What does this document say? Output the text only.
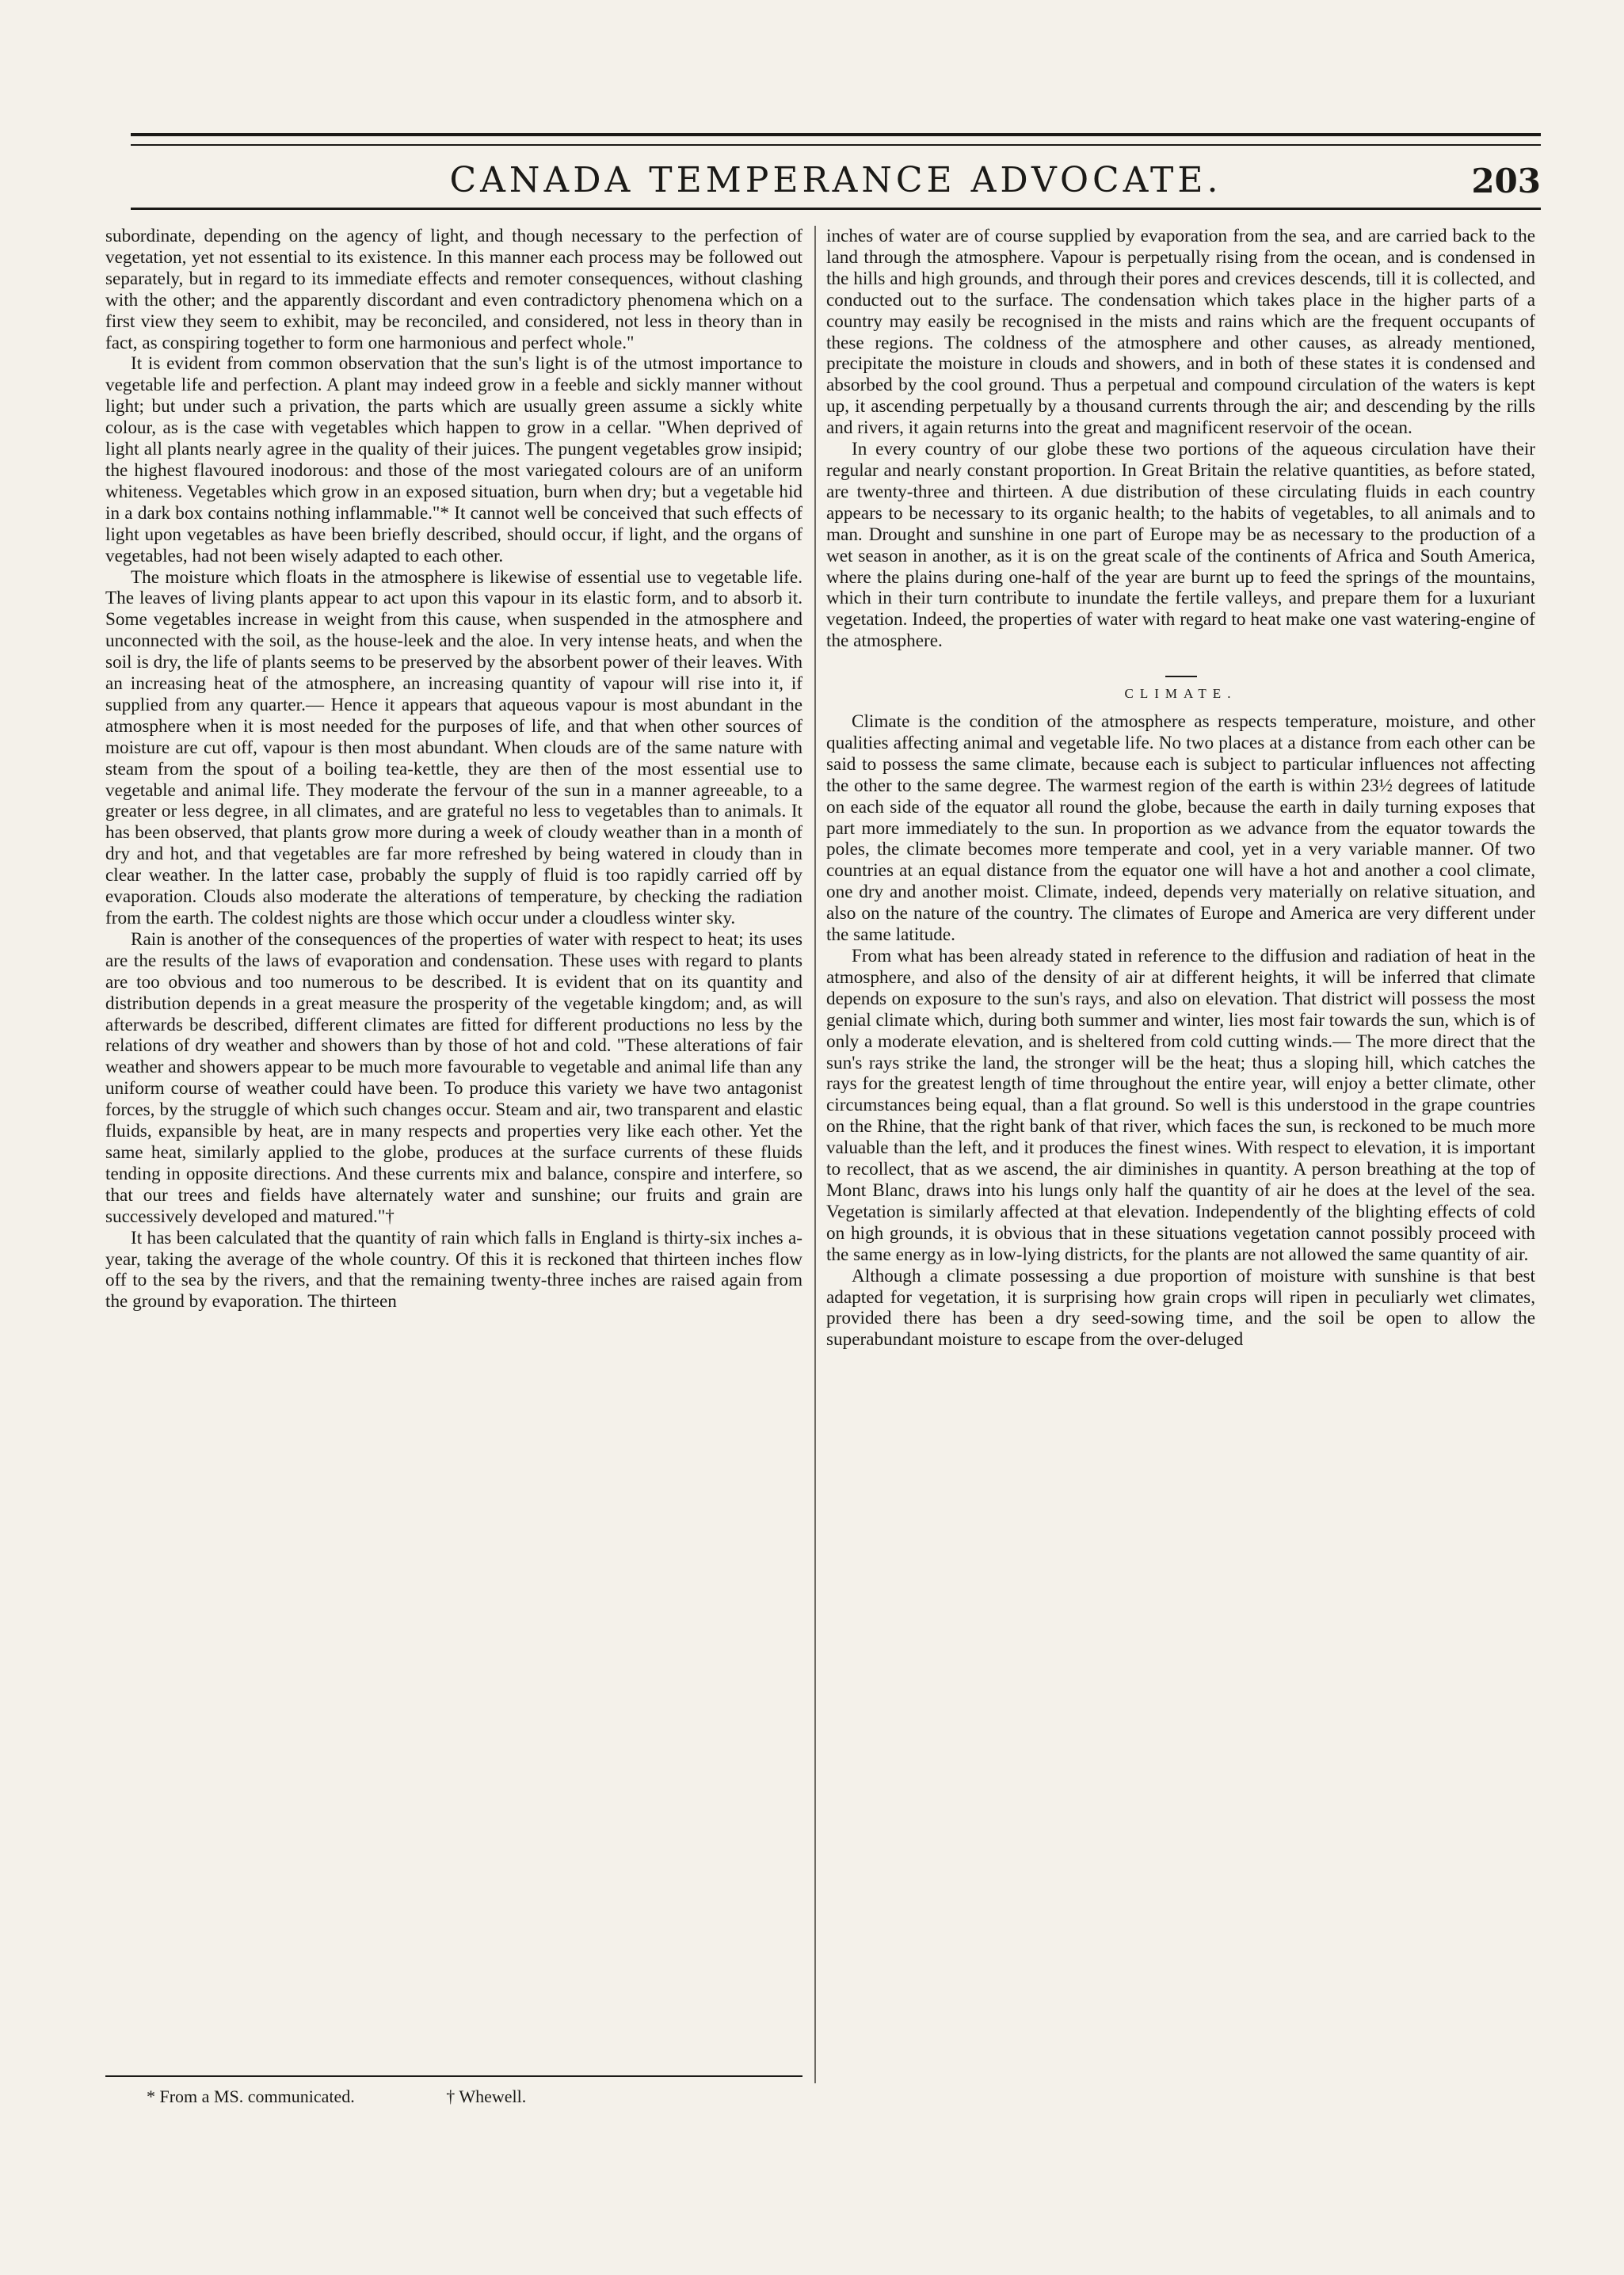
CANADA TEMPERANCE ADVOCATE.	203

subordinate, depending on the agency of light, and though necessary to the perfection of vegetation, yet not essential to its existence. In this manner each process may be followed out separately, but in regard to its immediate effects and remoter consequences, without clashing with the other; and the apparently discordant and even contradictory phenomena which on a first view they seem to exhibit, may be reconciled, and considered, not less in theory than in fact, as conspiring together to form one harmonious and perfect whole."

It is evident from common observation that the sun's light is of the utmost importance to vegetable life and perfection. A plant may indeed grow in a feeble and sickly manner without light; but under such a privation, the parts which are usually green assume a sickly white colour, as is the case with vegetables which happen to grow in a cellar. "When deprived of light all plants nearly agree in the quality of their juices. The pungent vegetables grow insipid; the highest flavoured inodorous: and those of the most variegated colours are of an uniform whiteness. Vegetables which grow in an exposed situation, burn when dry; but a vegetable hid in a dark box contains nothing inflammable."* It cannot well be conceived that such effects of light upon vegetables as have been briefly described, should occur, if light, and the organs of vegetables, had not been wisely adapted to each other.

The moisture which floats in the atmosphere is likewise of essential use to vegetable life. The leaves of living plants appear to act upon this vapour in its elastic form, and to absorb it. Some vegetables increase in weight from this cause, when suspended in the atmosphere and unconnected with the soil, as the house-leek and the aloe. In very intense heats, and when the soil is dry, the life of plants seems to be preserved by the absorbent power of their leaves. With an increasing heat of the atmosphere, an increasing quantity of vapour will rise into it, if supplied from any quarter.— Hence it appears that aqueous vapour is most abundant in the atmosphere when it is most needed for the purposes of life, and that when other sources of moisture are cut off, vapour is then most abundant. When clouds are of the same nature with steam from the spout of a boiling tea-kettle, they are then of the most essential use to vegetable and animal life. They moderate the fervour of the sun in a manner agreeable, to a greater or less degree, in all climates, and are grateful no less to vegetables than to animals. It has been observed, that plants grow more during a week of cloudy weather than in a month of dry and hot, and that vegetables are far more refreshed by being watered in cloudy than in clear weather. In the latter case, probably the supply of fluid is too rapidly carried off by evaporation. Clouds also moderate the alterations of temperature, by checking the radiation from the earth. The coldest nights are those which occur under a cloudless winter sky.

Rain is another of the consequences of the properties of water with respect to heat; its uses are the results of the laws of evaporation and condensation. These uses with regard to plants are too obvious and too numerous to be described. It is evident that on its quantity and distribution depends in a great measure the prosperity of the vegetable kingdom; and, as will afterwards be described, different climates are fitted for different productions no less by the relations of dry weather and showers than by those of hot and cold. "These alterations of fair weather and showers appear to be much more favourable to vegetable and animal life than any uniform course of weather could have been. To produce this variety we have two antagonist forces, by the struggle of which such changes occur. Steam and air, two transparent and elastic fluids, expansible by heat, are in many respects and properties very like each other. Yet the same heat, similarly applied to the globe, produces at the surface currents of these fluids tending in opposite directions. And these currents mix and balance, conspire and interfere, so that our trees and fields have alternately water and sunshine; our fruits and grain are successively developed and matured."†

It has been calculated that the quantity of rain which falls in England is thirty-six inches a-year, taking the average of the whole country. Of this it is reckoned that thirteen inches flow off to the sea by the rivers, and that the remaining twenty-three inches are raised again from the ground by evaporation. The thirteen

inches of water are of course supplied by evaporation from the sea, and are carried back to the land through the atmosphere. Vapour is perpetually rising from the ocean, and is condensed in the hills and high grounds, and through their pores and crevices descends, till it is collected, and conducted out to the surface. The condensation which takes place in the higher parts of a country may easily be recognised in the mists and rains which are the frequent occupants of these regions. The coldness of the atmosphere and other causes, as already mentioned, precipitate the moisture in clouds and showers, and in both of these states it is condensed and absorbed by the cool ground. Thus a perpetual and compound circulation of the waters is kept up, it ascending perpetually by a thousand currents through the air; and descending by the rills and rivers, it again returns into the great and magnificent reservoir of the ocean.

In every country of our globe these two portions of the aqueous circulation have their regular and nearly constant proportion. In Great Britain the relative quantities, as before stated, are twenty-three and thirteen. A due distribution of these circulating fluids in each country appears to be necessary to its organic health; to the habits of vegetables, to all animals and to man. Drought and sunshine in one part of Europe may be as necessary to the production of a wet season in another, as it is on the great scale of the continents of Africa and South America, where the plains during one-half of the year are burnt up to feed the springs of the mountains, which in their turn contribute to inundate the fertile valleys, and prepare them for a luxuriant vegetation. Indeed, the properties of water with regard to heat make one vast watering-engine of the atmosphere.

CLIMATE.

Climate is the condition of the atmosphere as respects temperature, moisture, and other qualities affecting animal and vegetable life. No two places at a distance from each other can be said to possess the same climate, because each is subject to particular influences not affecting the other to the same degree. The warmest region of the earth is within 23½ degrees of latitude on each side of the equator all round the globe, because the earth in daily turning exposes that part more immediately to the sun. In proportion as we advance from the equator towards the poles, the climate becomes more temperate and cool, yet in a very variable manner. Of two countries at an equal distance from the equator one will have a hot and another a cool climate, one dry and another moist. Climate, indeed, depends very materially on relative situation, and also on the nature of the country. The climates of Europe and America are very different under the same latitude.

From what has been already stated in reference to the diffusion and radiation of heat in the atmosphere, and also of the density of air at different heights, it will be inferred that climate depends on exposure to the sun's rays, and also on elevation. That district will possess the most genial climate which, during both summer and winter, lies most fair towards the sun, which is of only a moderate elevation, and is sheltered from cold cutting winds.— The more direct that the sun's rays strike the land, the stronger will be the heat; thus a sloping hill, which catches the rays for the greatest length of time throughout the entire year, will enjoy a better climate, other circumstances being equal, than a flat ground. So well is this understood in the grape countries on the Rhine, that the right bank of that river, which faces the sun, is reckoned to be much more valuable than the left, and it produces the finest wines. With respect to elevation, it is important to recollect, that as we ascend, the air diminishes in quantity. A person breathing at the top of Mont Blanc, draws into his lungs only half the quantity of air he does at the level of the sea. Vegetation is similarly affected at that elevation. Independently of the blighting effects of cold on high grounds, it is obvious that in these situations vegetation cannot possibly proceed with the same energy as in low-lying districts, for the plants are not allowed the same quantity of air.

Although a climate possessing a due proportion of moisture with sunshine is that best adapted for vegetation, it is surprising how grain crops will ripen in peculiarly wet climates, provided there has been a dry seed-sowing time, and the soil be open to allow the superabundant moisture to escape from the over-deluged

* From a MS. communicated.	† Whewell.
